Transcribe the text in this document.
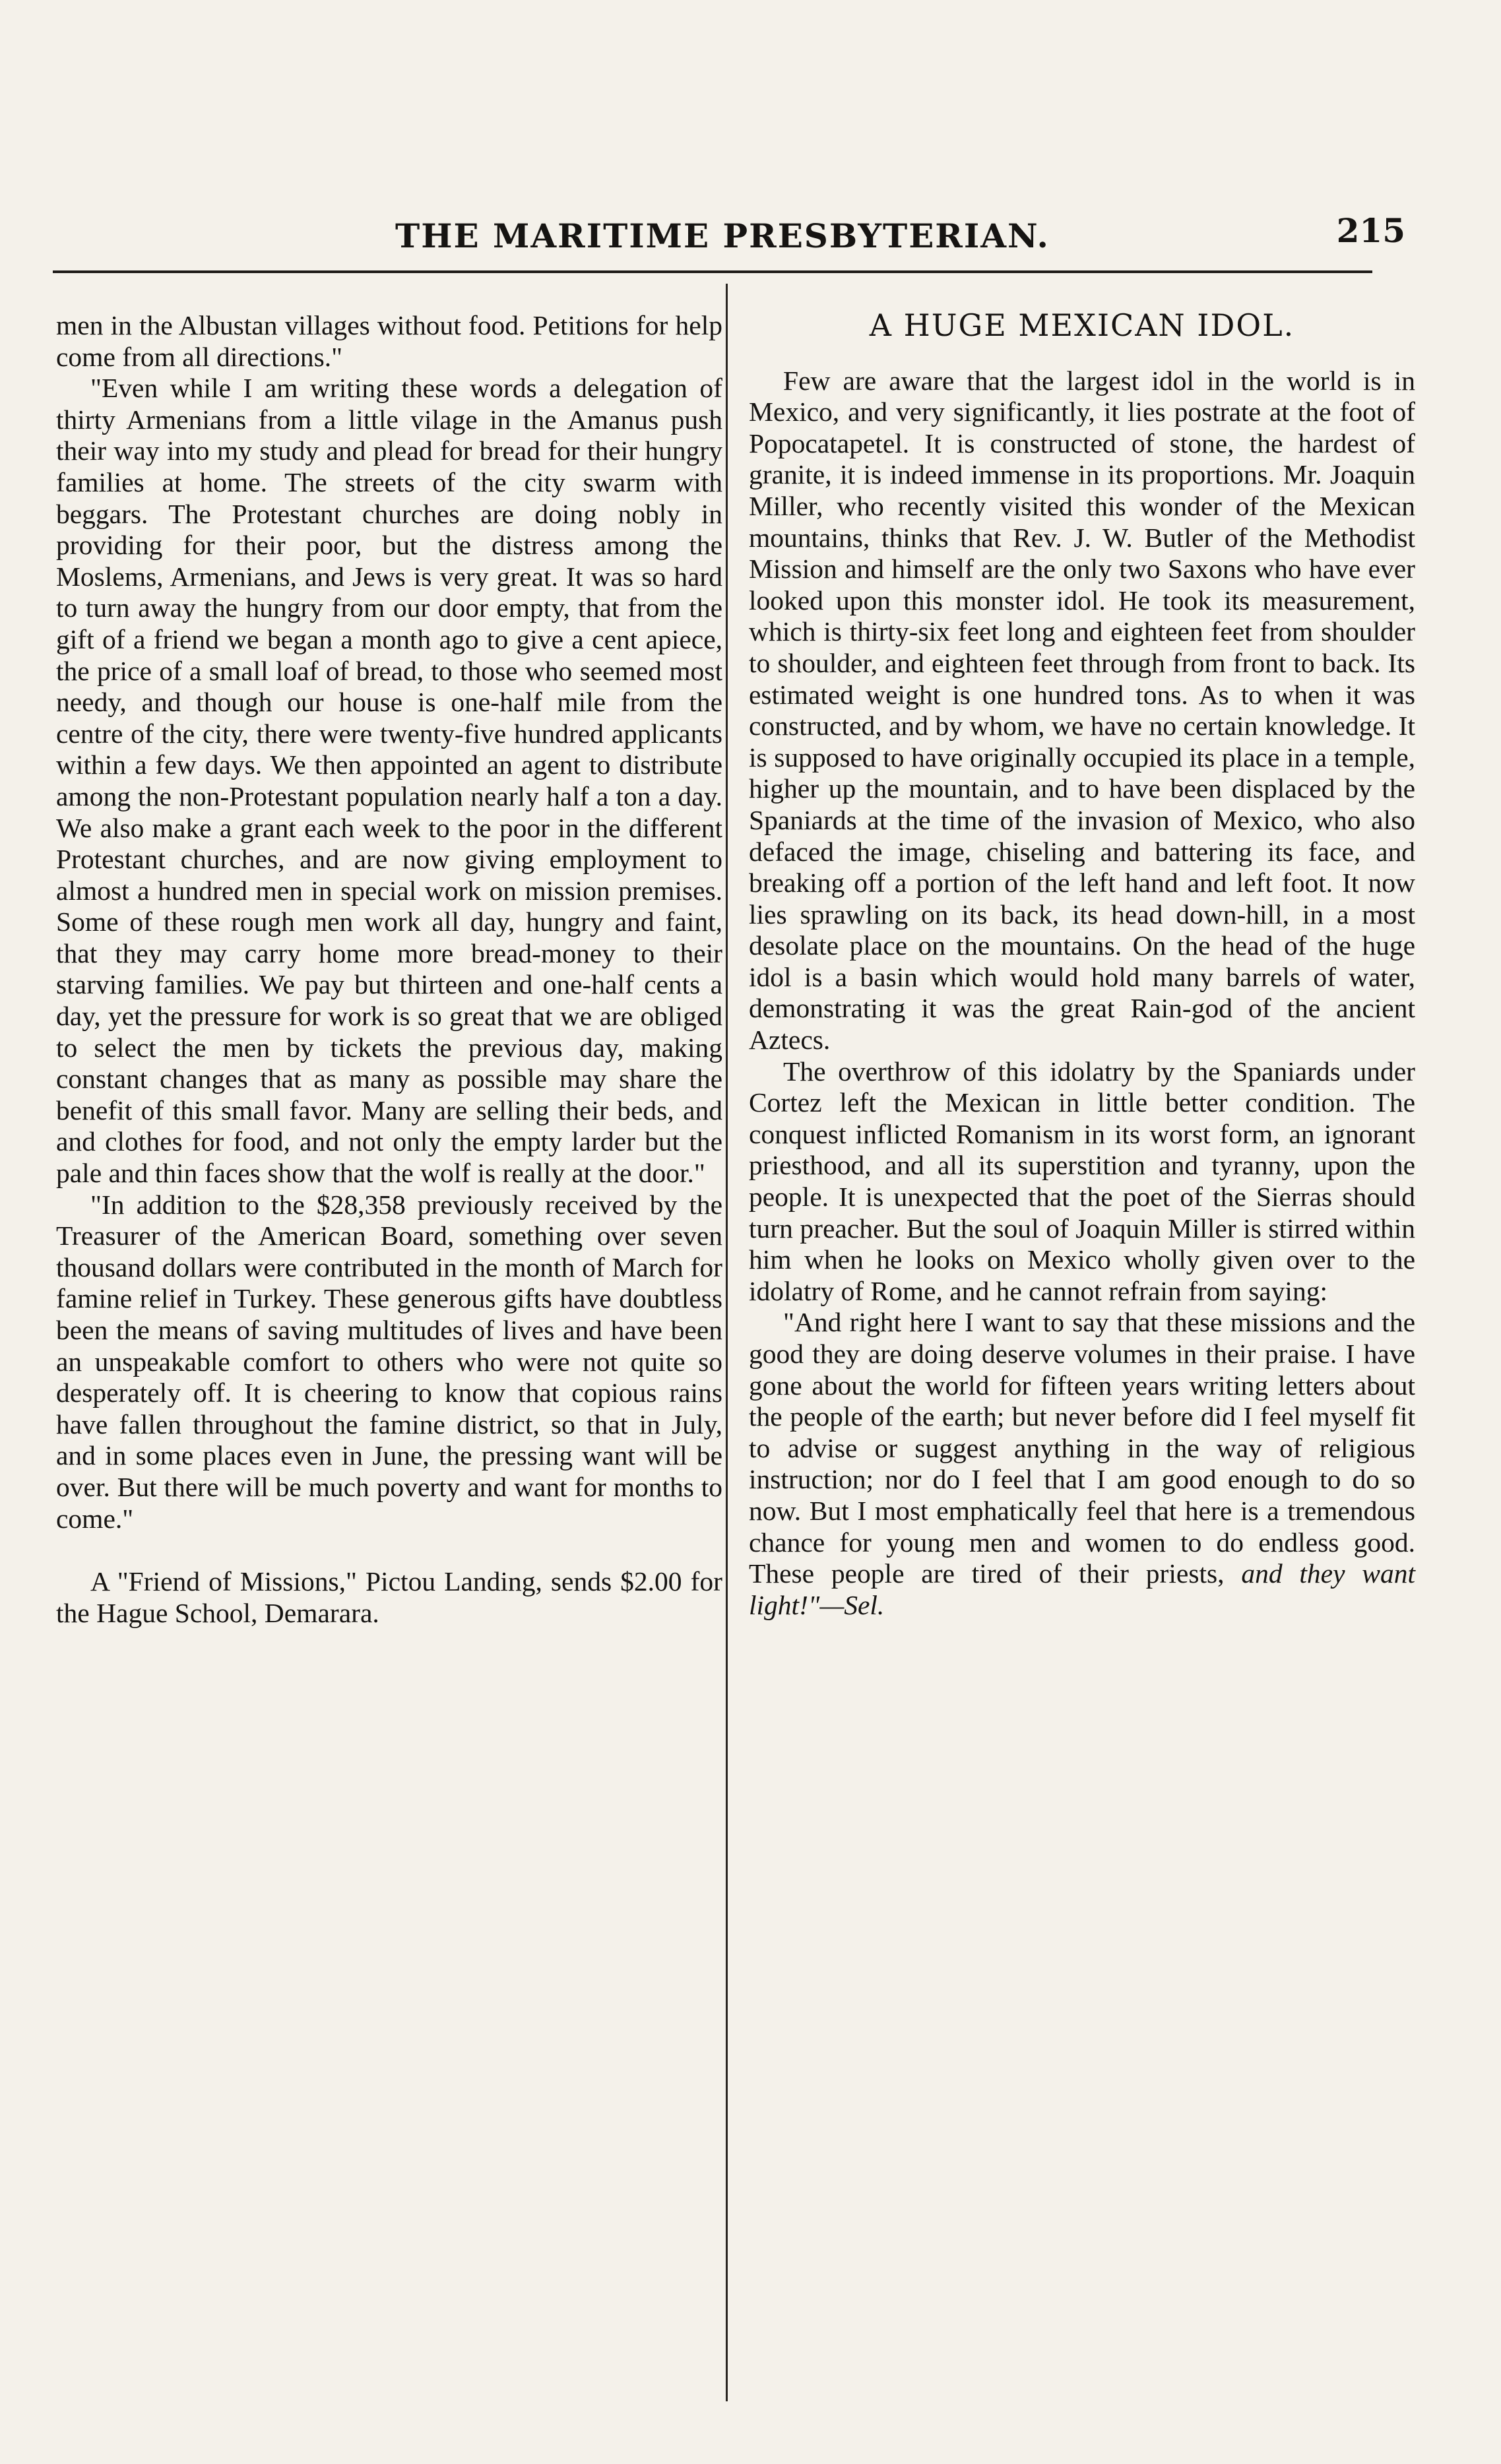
THE MARITIME PRESBYTERIAN.	215

men in the Albustan villages without food. Petitions for help come from all directions."

"Even while I am writing these words a delegation of thirty Armenians from a little vilage in the Amanus push their way into my study and plead for bread for their hungry families at home. The streets of the city swarm with beggars. The Protestant churches are doing nobly in providing for their poor, but the distress among the Moslems, Armenians, and Jews is very great. It was so hard to turn away the hungry from our door empty, that from the gift of a friend we began a month ago to give a cent apiece, the price of a small loaf of bread, to those who seemed most needy, and though our house is one-half mile from the centre of the city, there were twenty-five hundred applicants within a few days. We then appointed an agent to distribute among the non-Protestant population nearly half a ton a day. We also make a grant each week to the poor in the different Protestant churches, and are now giving employment to almost a hundred men in special work on mission premises. Some of these rough men work all day, hungry and faint, that they may carry home more bread-money to their starving families. We pay but thirteen and one-half cents a day, yet the pressure for work is so great that we are obliged to select the men by tickets the previous day, making constant changes that as many as possible may share the benefit of this small favor. Many are selling their beds, and and clothes for food, and not only the empty larder but the pale and thin faces show that the wolf is really at the door."

"In addition to the $28,358 previously received by the Treasurer of the American Board, something over seven thousand dollars were contributed in the month of March for famine relief in Turkey. These generous gifts have doubtless been the means of saving multitudes of lives and have been an unspeakable comfort to others who were not quite so desperately off. It is cheering to know that copious rains have fallen throughout the famine district, so that in July, and in some places even in June, the pressing want will be over. But there will be much poverty and want for months to come."

A "Friend of Missions," Pictou Landing, sends $2.00 for the Hague School, Demarara.

A HUGE MEXICAN IDOL.

Few are aware that the largest idol in the world is in Mexico, and very significantly, it lies postrate at the foot of Popocatapetel. It is constructed of stone, the hardest of granite, it is indeed immense in its proportions. Mr. Joaquin Miller, who recently visited this wonder of the Mexican mountains, thinks that Rev. J. W. Butler of the Methodist Mission and himself are the only two Saxons who have ever looked upon this monster idol. He took its measurement, which is thirty-six feet long and eighteen feet from shoulder to shoulder, and eighteen feet through from front to back. Its estimated weight is one hundred tons. As to when it was constructed, and by whom, we have no certain knowledge. It is supposed to have originally occupied its place in a temple, higher up the mountain, and to have been displaced by the Spaniards at the time of the invasion of Mexico, who also defaced the image, chiseling and battering its face, and breaking off a portion of the left hand and left foot. It now lies sprawling on its back, its head down-hill, in a most desolate place on the mountains. On the head of the huge idol is a basin which would hold many barrels of water, demonstrating it was the great Rain-god of the ancient Aztecs.

The overthrow of this idolatry by the Spaniards under Cortez left the Mexican in little better condition. The conquest inflicted Romanism in its worst form, an ignorant priesthood, and all its superstition and tyranny, upon the people. It is unexpected that the poet of the Sierras should turn preacher. But the soul of Joaquin Miller is stirred within him when he looks on Mexico wholly given over to the idolatry of Rome, and he cannot refrain from saying:

"And right here I want to say that these missions and the good they are doing deserve volumes in their praise. I have gone about the world for fifteen years writing letters about the people of the earth; but never before did I feel myself fit to advise or suggest anything in the way of religious instruction; nor do I feel that I am good enough to do so now. But I most emphatically feel that here is a tremendous chance for young men and women to do endless good. These people are tired of their priests, and they want light!"—Sel.
